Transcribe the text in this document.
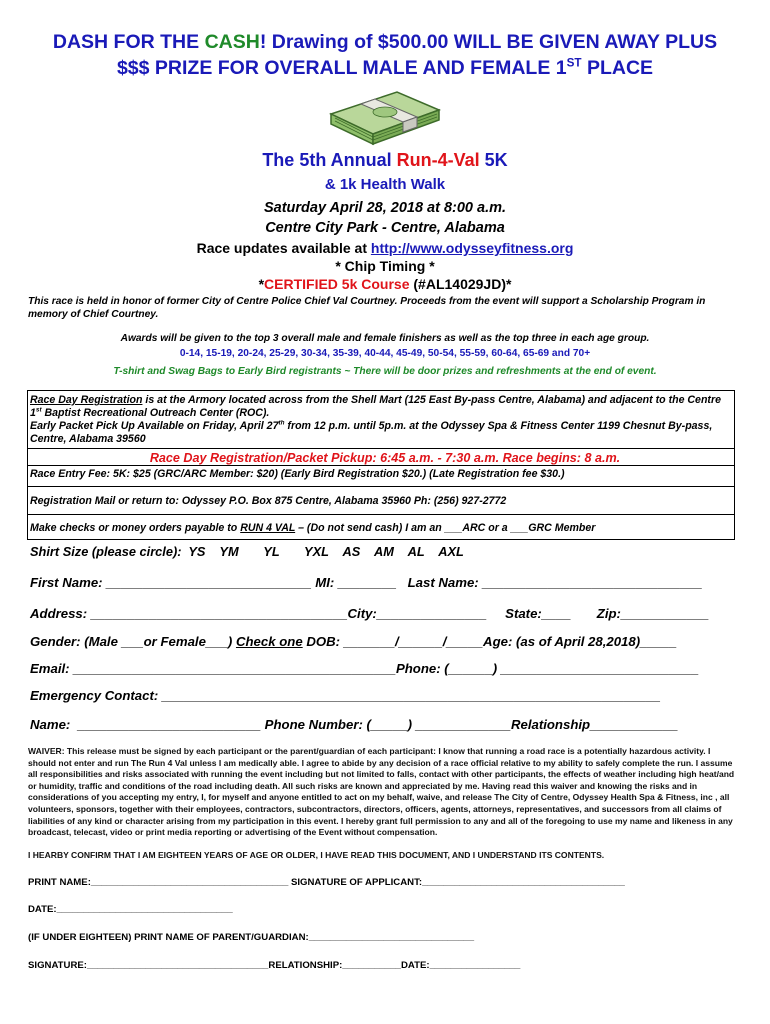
DASH FOR THE CASH! Drawing of $500.00 WILL BE GIVEN AWAY PLUS
$$$ PRIZE FOR OVERALL MALE AND FEMALE 1ST PLACE
The 5th Annual Run-4-Val 5K
& 1k Health Walk
Saturday April 28, 2018 at 8:00 a.m.
Centre City Park - Centre, Alabama
Race updates available at http://www.odysseyfitness.org
* Chip Timing *
*CERTIFIED 5k Course (#AL14029JD)*
This race is held in honor of former City of Centre Police Chief Val Courtney. Proceeds from the event will support a Scholarship Program in memory of Chief Courtney.
Awards will be given to the top 3 overall male and female finishers as well as the top three in each age group.
0-14, 15-19, 20-24, 25-29, 30-34, 35-39, 40-44, 45-49, 50-54, 55-59, 60-64, 65-69 and 70+
T-shirt and Swag Bags to Early Bird registrants ~ There will be door prizes and refreshments at the end of event.
Race Day Registration is at the Armory located across from the Shell Mart (125 East By-pass Centre, Alabama) and adjacent to the Centre 1st Baptist Recreational Outreach Center (ROC).
Early Packet Pick Up Available on Friday, April 27th from 12 p.m. until 5p.m. at the Odyssey Spa & Fitness Center 1199 Chesnut By-pass, Centre, Alabama 39560
Race Day Registration/Packet Pickup: 6:45 a.m. - 7:30 a.m. Race begins: 8 a.m.
Race Entry Fee: 5K: $25 (GRC/ARC Member: $20) (Early Bird Registration $20.) (Late Registration fee $30.)
Registration Mail or return to: Odyssey P.O. Box 875 Centre, Alabama 35960 Ph: (256) 927-2772
Make checks or money orders payable to RUN 4 VAL – (Do not send cash) I am an ___ARC or a ___GRC Member
Shirt Size (please circle):  YS    YM       YL       YXL    AS    AM    AL    AXL
First Name: ____________________________ MI: ________   Last Name: ______________________________
Address: ___________________________________City:_______________     State:____       Zip:____________
Gender: (Male ___or Female___) Check one DOB: _______/______/_____Age: (as of April 28,2018)_____
Email: ____________________________________________Phone: (______) ___________________________
Emergency Contact: ____________________________________________________________________
Name:  _________________________ Phone Number: (_____) _____________Relationship____________
WAIVER: This release must be signed by each participant or the parent/guardian of each participant: I know that running a road race is a potentially hazardous activity. I should not enter and run The Run 4 Val unless I am medically able. I agree to abide by any decision of a race official relative to my ability to safely complete the run. I assume all responsibilities and risks associated with running the event including but not limited to falls, contact with other participants, the effects of weather including high heat/and or humidity, traffic and conditions of the road including death. All such risks are known and appreciated by me. Having read this waiver and knowing the risks and in considerations of you accepting my entry, I, for myself and anyone entitled to act on my behalf, waive, and release The City of Centre, Odyssey Health Spa & Fitness, inc , all volunteers, sponsors, together with their employees, contractors, subcontractors, directors, officers, agents, attorneys, representatives, and successors from all claims of liabilities of any kind or character arising from my participation in this event. I hereby grant full permission to any and all of the foregoing to use my name and likeness in any broadcast, telecast, video or print media reporting or advertising of the Event without compensation.
I HEARBY CONFIRM THAT I AM EIGHTEEN YEARS OF AGE OR OLDER, I HAVE READ THIS DOCUMENT, AND I UNDERSTAND ITS CONTENTS.
PRINT NAME:_____________________________________ SIGNATURE OF APPLICANT:______________________________________
DATE:_________________________________
(IF UNDER EIGHTEEN) PRINT NAME OF PARENT/GUARDIAN:_______________________________
SIGNATURE:__________________________________RELATIONSHIP:___________DATE:_________________
